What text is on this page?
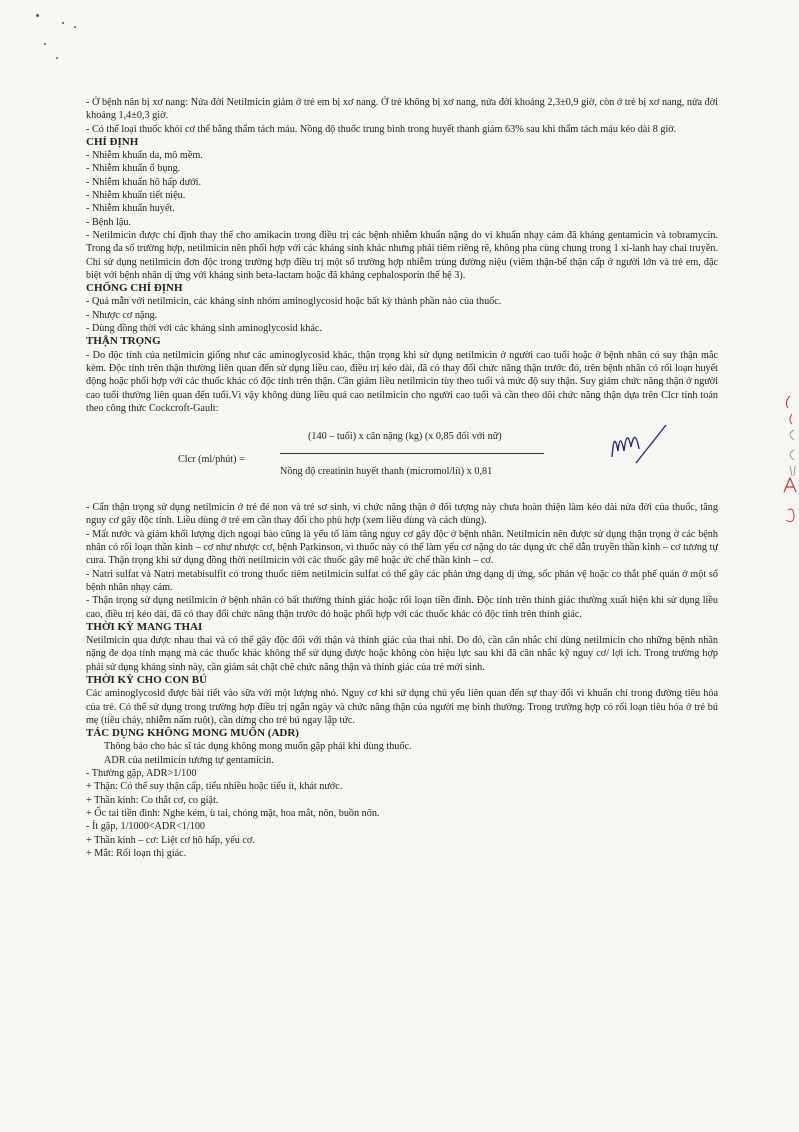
- Ở bệnh nân bị xơ nang: Nửa đời Netilmicin giảm ở trẻ em bị xơ nang. Ở trẻ không bị xơ nang, nửa đời khoảng 2,3±0,9 giờ, còn ở trẻ bị xơ nang, nửa đời khoảng 1,4±0,3 giờ.

- Có thể loại thuốc khỏi cơ thể bằng thẩm tách máu. Nồng độ thuốc trung bình trong huyết thanh giảm 63% sau khi thẩm tách máu kéo dài 8 giờ.

CHỈ ĐỊNH

- Nhiễm khuẩn da, mô mềm.

- Nhiễm khuẩn ổ bụng.

- Nhiễm khuẩn hô hấp dưới.

- Nhiễm khuẩn tiết niệu.

- Nhiễm khuẩn huyết.

- Bệnh lậu.

- Netilmicin được chỉ định thay thế cho amikacin trong điều trị các bệnh nhiễm khuẩn nặng do vi khuẩn nhạy cảm đã kháng gentamicin và tobramycin. Trong đa số trường hợp, netilmicin nên phối hợp với các kháng sinh khác nhưng phải tiêm riêng rẽ, không pha cùng chung trong 1 xi-lanh hay chai truyền. Chỉ sử dụng netilmicin đơn độc trong trường hợp điều trị một số trường hợp nhiễm trùng đường niệu (viêm thận-bể thận cấp ở người lớn và trẻ em, đặc biệt với bệnh nhân dị ứng với kháng sinh beta-lactam hoặc đã kháng cephalosporin thế hệ 3).

CHỐNG CHỈ ĐỊNH

- Quá mẫn với netilmicin, các kháng sinh nhóm aminoglycosid hoặc bất kỳ thành phần nào của thuốc.

- Nhược cơ nặng.

- Dùng đồng thời với các kháng sinh aminoglycosid khác.

THẬN TRỌNG

- Do độc tính của netilmicin giống như các aminoglycosid khác, thận trọng khi sử dụng netilmicin ở người cao tuổi hoặc ở bệnh nhân có suy thận mắc kèm. Độc tính trên thận thường liên quan đến sử dụng liều cao, điều trị kéo dài, đã có thay đổi chức năng thận trước đó, trên bệnh nhân có rối loạn huyết động hoặc phối hợp với các thuốc khác có độc tính trên thận. Cần giảm liều netilmicin tùy theo tuổi và mức độ suy thận. Suy giảm chức năng thận ở người cao tuổi thường liên quan đến tuổi.Vì vậy không dùng liều quá cao netilmicin cho người cao tuổi và cần theo dõi chức năng thận dựa trên Clcr tính toán theo công thức Cockcroft-Gault:

Clcr (ml/phút) =
(140 – tuổi) x cân nặng (kg) (x 0,85 đối với nữ)
Nồng độ creatinin huyết thanh (micromol/lít) x 0,81

- Cẩn thận trọng sử dụng netilmicin ở trẻ đẻ non và trẻ sơ sinh, vì chức năng thận ở đối tượng này chưa hoàn thiện làm kéo dài nửa đời của thuốc, tăng nguy cơ gây độc tính. Liều dùng ở trẻ em cần thay đổi cho phù hợp (xem liều dùng và cách dùng).

- Mất nước và giảm khối lượng dịch ngoại bào cũng là yếu tố làm tăng nguy cơ gây độc ở bệnh nhân. Netilmicin nên được sử dụng thận trọng ở các bệnh nhân có rối loạn thần kinh – cơ như nhược cơ, bệnh Parkinson, vì thuốc này có thể làm yếu cơ nặng do tác dụng ức chế dẫn truyền thần kinh – cơ tương tự cura. Thận trọng khi sử dụng đồng thời netilmicin với các thuốc gây mê hoặc ức chế thần kinh – cơ.

- Natri sulfat và Natri metabisulfit có trong thuốc tiêm netilmicin sulfat có thể gây các phản ứng dạng dị ứng, sốc phản vệ hoặc co thắt phế quản ở một số bệnh nhân nhạy cảm.

- Thận trọng sử dụng netilmicin ở bệnh nhân có bất thường thính giác hoặc rối loạn tiền đình. Độc tính trên thính giác thường xuất hiện khi sử dụng liều cao, điều trị kéo dài, đã có thay đổi chức năng thận trước đó hoặc phối hợp với các thuốc khác có độc tính trên thính giác.

THỜI KỲ MANG THAI

Netilmicin qua được nhau thai và có thể gây độc đối với thận và thính giác của thai nhi. Do đó, cần cân nhắc chỉ dùng netilmicin cho những bệnh nhân nặng đe dọa tính mạng mà các thuốc khác không thể sử dụng được hoặc không còn hiệu lực sau khi đã cân nhắc kỹ nguy cơ/ lợi ích. Trong trường hợp phải sử dụng kháng sinh này, cần giám sát chặt chẽ chức năng thận và thính giác của trẻ mới sinh.

THỜI KỲ CHO CON BÚ

Các aminoglycosid được bài tiết vào sữa với một lượng nhỏ. Nguy cơ khi sử dụng chủ yếu liên quan đến sự thay đổi vi khuẩn chí trong đường tiêu hóa của trẻ. Có thể sử dụng trong trường hợp điều trị ngắn ngày và chức năng thận của người mẹ bình thường. Trong trường hợp có rối loạn tiêu hóa ở trẻ bú mẹ (tiêu chảy, nhiễm nấm ruột), cần dừng cho trẻ bú ngay lập tức.

TÁC DỤNG KHÔNG MONG MUỐN (ADR)

Thông báo cho bác sĩ tác dụng không mong muốn gặp phải khi dùng thuốc.

ADR của netilmicin tương tự gentamicin.

- Thường gặp, ADR>1/100

+ Thận: Có thể suy thận cấp, tiểu nhiều hoặc tiểu ít, khát nước.

+ Thần kinh: Co thắt cơ, co giật.

+ Ốc tai tiền đình: Nghe kém, ù tai, chóng mặt, hoa mắt, nôn, buồn nôn.

- Ít gặp, 1/1000<ADR<1/100

+ Thần kinh – cơ: Liệt cơ hô hấp, yếu cơ.

+ Mắt: Rối loạn thị giác.
